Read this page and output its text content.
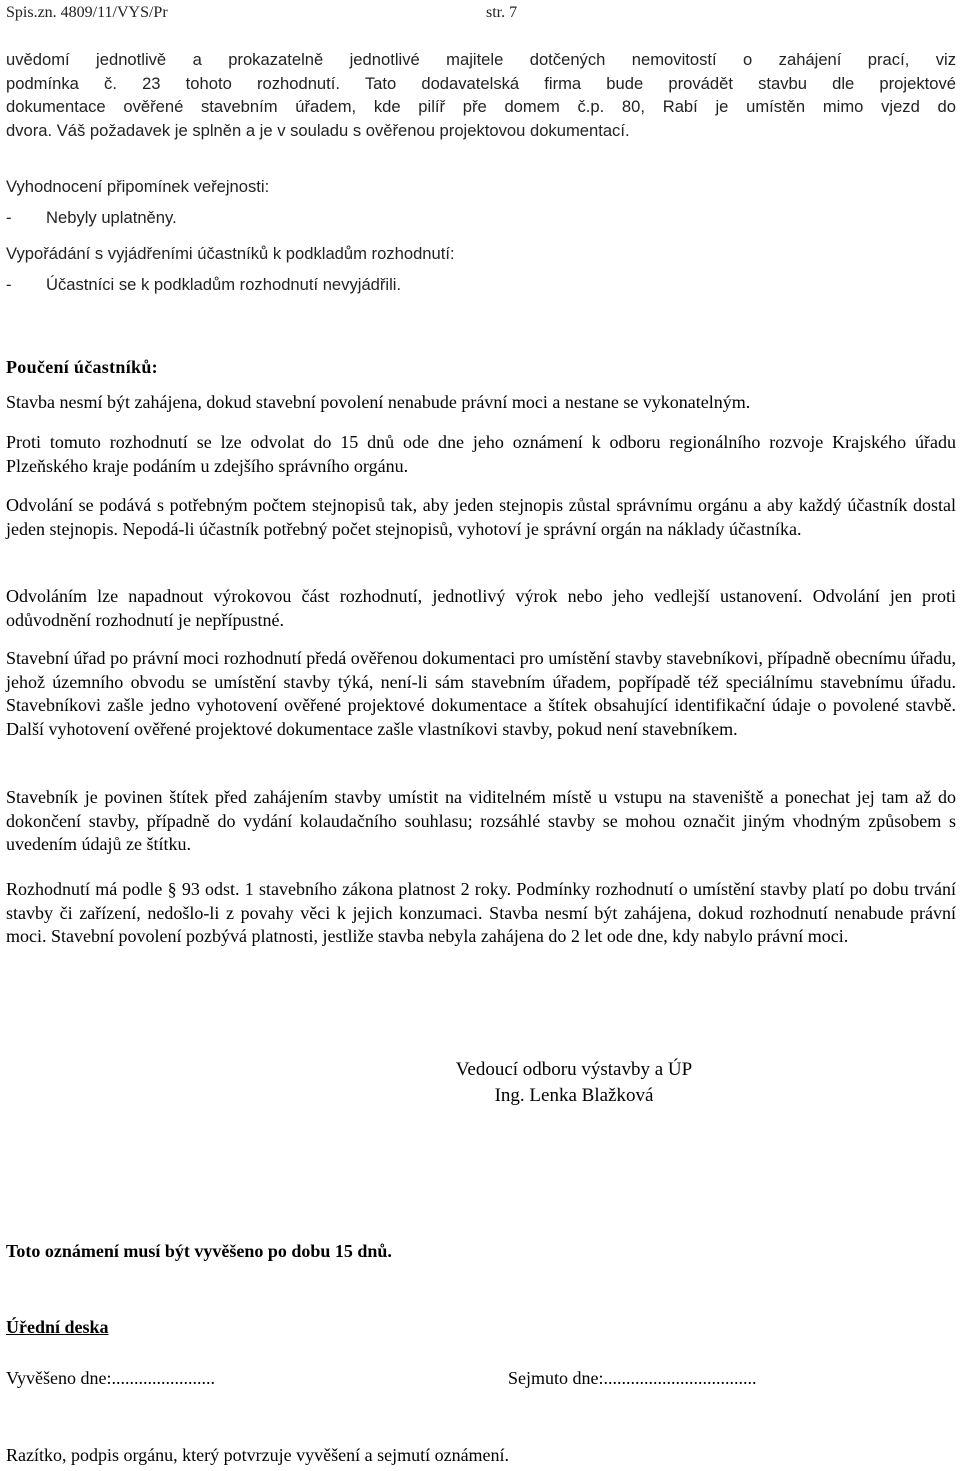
Spis.zn. 4809/11/VYS/Pr	str. 7
uvědomí jednotlivě a prokazatelně jednotlivé majitele dotčených nemovitostí o zahájení prací, viz
podmínka č. 23 tohoto rozhodnutí. Tato dodavatelská firma bude provádět stavbu dle projektové
dokumentace ověřené stavebním úřadem, kde pilíř pře domem č.p. 80, Rabí je umístěn mimo vjezd do
dvora. Váš požadavek je splněn a je v souladu s ověřenou projektovou dokumentací.
Vyhodnocení připomínek veřejnosti:
- Nebyly uplatněny.
Vypořádání s vyjádřeními účastníků k podkladům rozhodnutí:
- Účastníci se k podkladům rozhodnutí nevyjádřili.
Poučení účastníků:

Stavba nesmí být zahájena, dokud stavební povolení nenabude právní moci a nestane se vykonatelným.

Proti tomuto rozhodnutí se lze odvolat do 15 dnů ode dne jeho oznámení k odboru regionálního rozvoje Krajského úřadu Plzeňského kraje podáním u zdejšího správního orgánu.

Odvolání se podává s potřebným počtem stejnopisů tak, aby jeden stejnopis zůstal správnímu orgánu a aby každý účastník dostal jeden stejnopis. Nepodá-li účastník potřebný počet stejnopisů, vyhotoví je správní orgán na náklady účastníka.

Odvoláním lze napadnout výrokovou část rozhodnutí, jednotlivý výrok nebo jeho vedlejší ustanovení. Odvolání jen proti odůvodnění rozhodnutí je nepřípustné.

Stavební úřad po právní moci rozhodnutí předá ověřenou dokumentaci pro umístění stavby stavebníkovi, případně obecnímu úřadu, jehož územního obvodu se umístění stavby týká, není-li sám stavebním úřadem, popřípadě též speciálnímu stavebnímu úřadu. Stavebníkovi zašle jedno vyhotovení ověřené projektové dokumentace a štítek obsahující identifikační údaje o povolené stavbě. Další vyhotovení ověřené projektové dokumentace zašle vlastníkovi stavby, pokud není stavebníkem.

Stavebník je povinen štítek před zahájením stavby umístit na viditelném místě u vstupu na staveniště a ponechat jej tam až do dokončení stavby, případně do vydání kolaudačního souhlasu; rozsáhlé stavby se mohou označit jiným vhodným způsobem s uvedením údajů ze štítku.

Rozhodnutí má podle § 93 odst. 1 stavebního zákona platnost 2 roky. Podmínky rozhodnutí o umístění stavby platí po dobu trvání stavby či zařízení, nedošlo-li z povahy věci k jejich konzumaci. Stavba nesmí být zahájena, dokud rozhodnutí nenabude právní moci. Stavební povolení pozbývá platnosti, jestliže stavba nebyla zahájena do 2 let ode dne, kdy nabylo právní moci.

Vedoucí odboru výstavby a ÚP
Ing. Lenka Blažková
Toto oznámení musí být vyvěšeno po dobu 15 dnů.
Úřední deska
Vyvěšeno dne:.......................	Sejmuto dne:..................................
Razítko, podpis orgánu, který potvrzuje vyvěšení a sejmutí oznámení.
